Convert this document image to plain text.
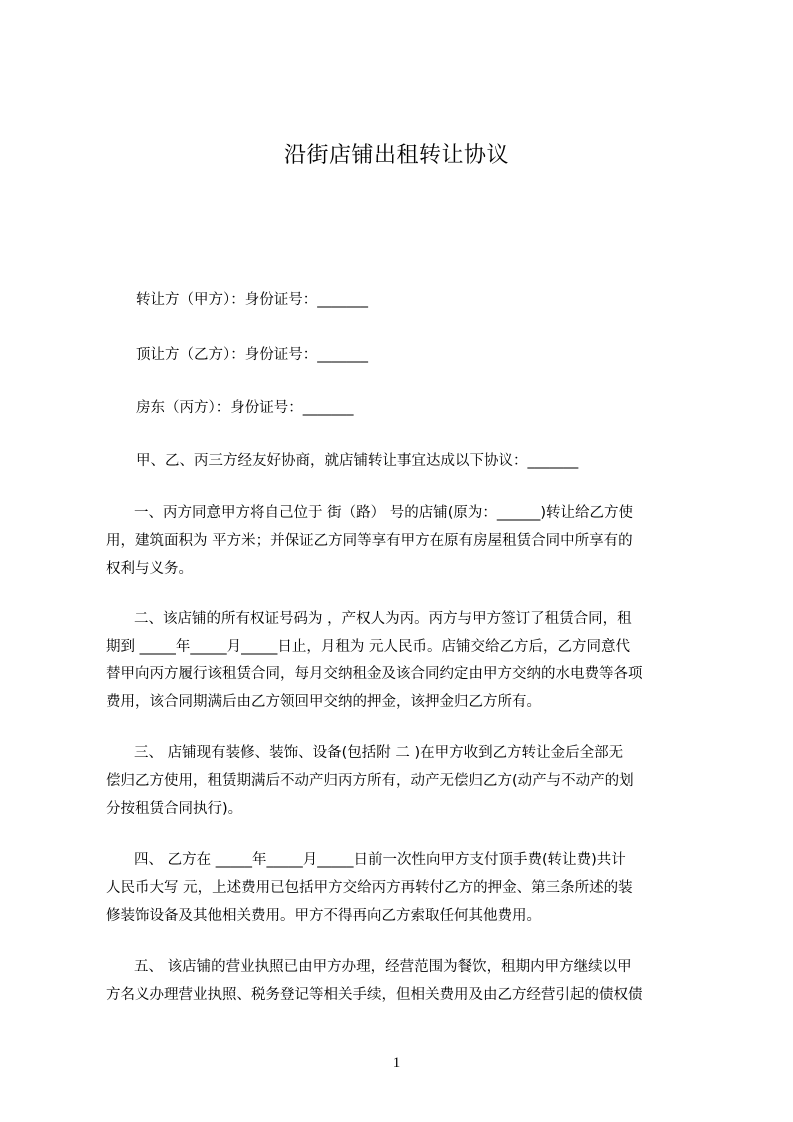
沿街店铺出租转让协议
转让方（甲方）：身份证号：_______
顶让方（乙方）：身份证号：_______
房东（丙方）：身份证号：_______
甲、乙、丙三方经友好协商，就店铺转让事宜达成以下协议：_______
一、丙方同意甲方将自己位于 街（路） 号的店铺(原为：______)转让给乙方使
用，建筑面积为 平方米；并保证乙方同等享有甲方在原有房屋租赁合同中所享有的
权利与义务。
二、该店铺的所有权证号码为 ，产权人为丙。丙方与甲方签订了租赁合同，租
期到 _____年_____月_____日止，月租为 元人民币。店铺交给乙方后，乙方同意代
替甲向丙方履行该租赁合同，每月交纳租金及该合同约定由甲方交纳的水电费等各项
费用，该合同期满后由乙方领回甲交纳的押金，该押金归乙方所有。
三、 店铺现有装修、装饰、设备(包括附 二 )在甲方收到乙方转让金后全部无
偿归乙方使用，租赁期满后不动产归丙方所有，动产无偿归乙方(动产与不动产的划
分按租赁合同执行)。
四、 乙方在 _____年_____月_____日前一次性向甲方支付顶手费(转让费)共计
人民币大写 元，上述费用已包括甲方交给丙方再转付乙方的押金、第三条所述的装
修装饰设备及其他相关费用。甲方不得再向乙方索取任何其他费用。
五、 该店铺的营业执照已由甲方办理，经营范围为餐饮，租期内甲方继续以甲
方名义办理营业执照、税务登记等相关手续，但相关费用及由乙方经营引起的债权债
1
